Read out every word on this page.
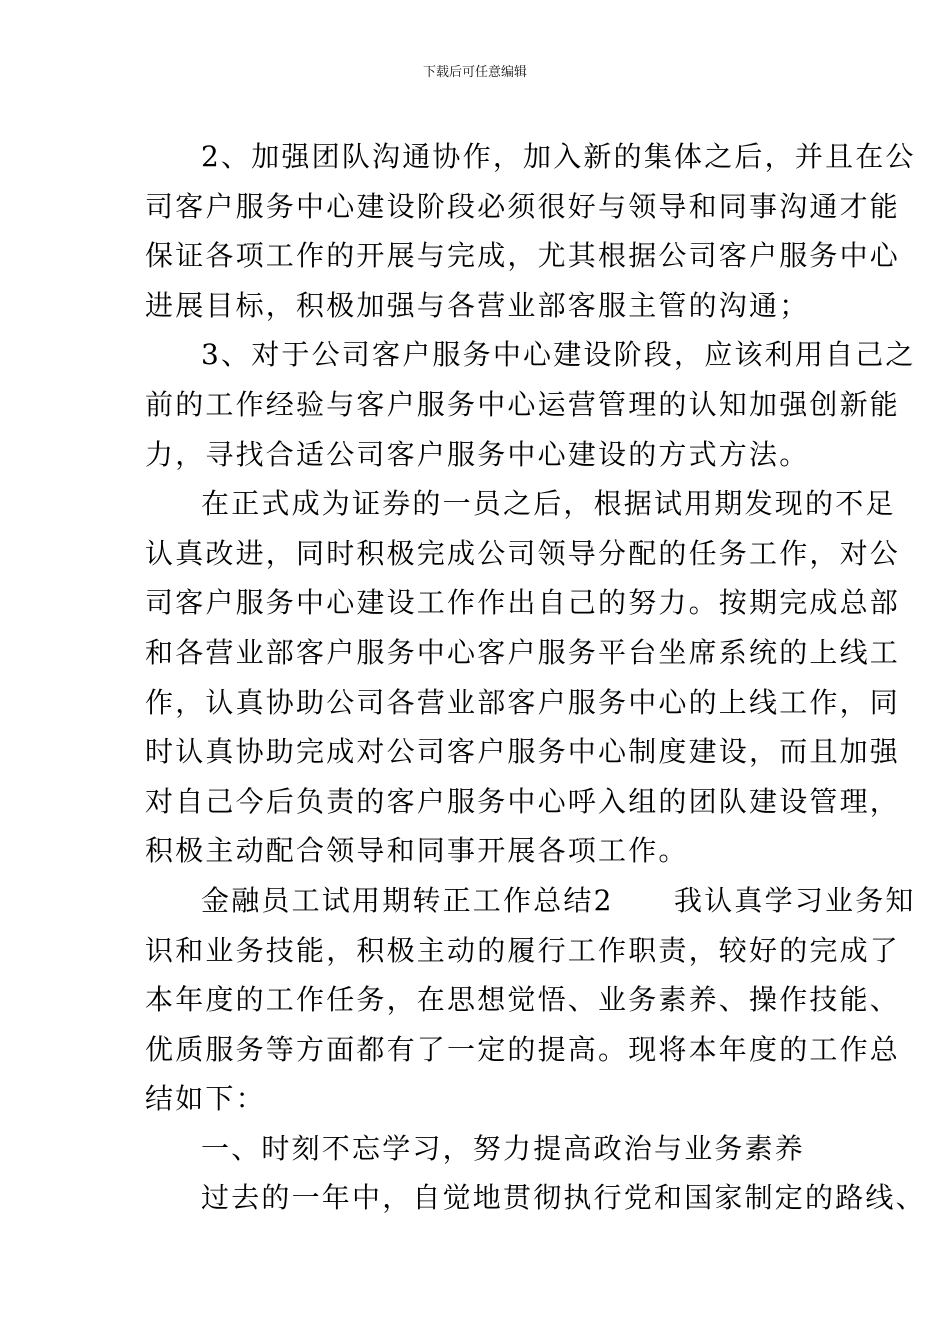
下载后可任意编辑
2、加强团队沟通协作，加入新的集体之后，并且在公
司客户服务中心建设阶段必须很好与领导和同事沟通才能
保证各项工作的开展与完成，尤其根据公司客户服务中心
进展目标，积极加强与各营业部客服主管的沟通；
3、对于公司客户服务中心建设阶段，应该利用自己之
前的工作经验与客户服务中心运营管理的认知加强创新能
力，寻找合适公司客户服务中心建设的方式方法。
在正式成为证券的一员之后，根据试用期发现的不足
认真改进，同时积极完成公司领导分配的任务工作，对公
司客户服务中心建设工作作出自己的努力。按期完成总部
和各营业部客户服务中心客户服务平台坐席系统的上线工
作，认真协助公司各营业部客户服务中心的上线工作，同
时认真协助完成对公司客户服务中心制度建设，而且加强
对自己今后负责的客户服务中心呼入组的团队建设管理，
积极主动配合领导和同事开展各项工作。
金融员工试用期转正工作总结2　　我认真学习业务知
识和业务技能，积极主动的履行工作职责，较好的完成了
本年度的工作任务，在思想觉悟、业务素养、操作技能、
优质服务等方面都有了一定的提高。现将本年度的工作总
结如下：
一、时刻不忘学习，努力提高政治与业务素养
过去的一年中，自觉地贯彻执行党和国家制定的路线、
